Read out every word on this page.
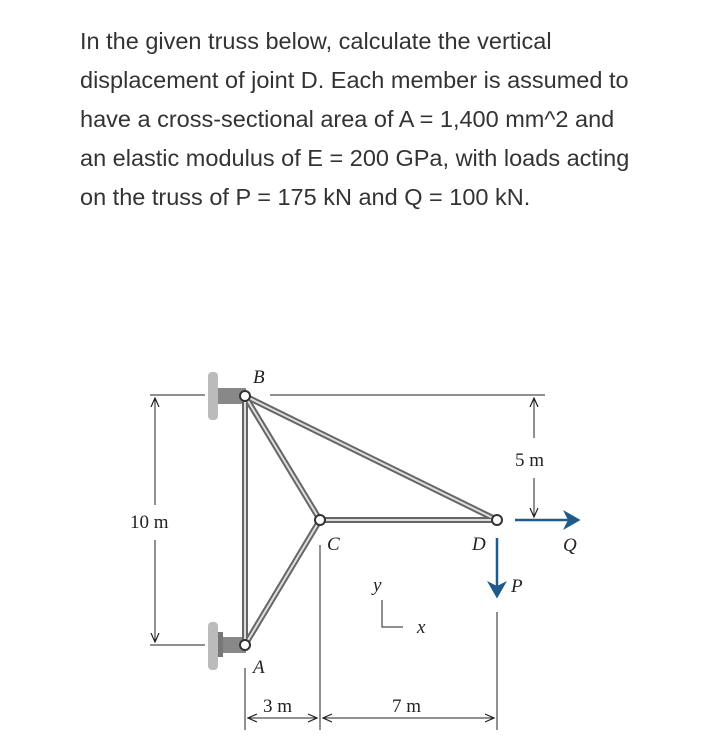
In the given truss below, calculate the vertical displacement of joint D. Each member is assumed to have a cross-sectional area of A = 1,400 mm^2 and an elastic modulus of E = 200 GPa, with loads acting on the truss of P = 175 kN and Q = 100 kN.
B
A
C	D	Q
P
y
x
10 m
5 m
3 m	7 m
